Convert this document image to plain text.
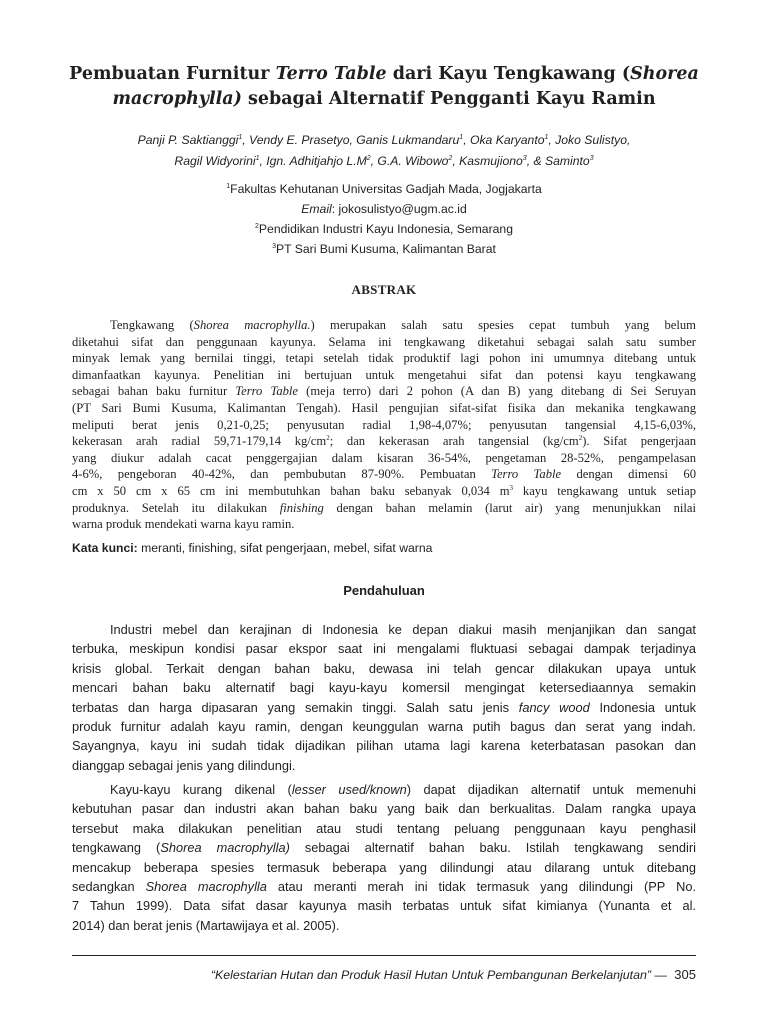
Pembuatan Furnitur Terro Table dari Kayu Tengkawang (Shorea
macrophylla) sebagai Alternatif Pengganti Kayu Ramin
Panji P. Saktianggi$^1$, Vendy E. Prasetyo, Ganis Lukmandaru$^1$, Oka Karyanto$^1$, Joko Sulistyo,
Ragil Widyorini$^1$, Ign. Adhitjahjo $L.M^2$, G.A. Wibowo$^2$, Kasmujiono$^3$, & Saminto$^3$
$^1$Fakultas Kehutanan Universitas Gadjah Mada, Jogjakarta
Email: jokosulistyo@ugm.ac.id
$^2$Pendidikan Industri Kayu Indonesia, Semarang
$^3$PT Sari Bumi Kusuma, Kalimantan Barat
ABSTRAK
Tengkawang (Shorea macrophylla.) merupakan salah satu spesies cepat tumbuh yang belum
diketahui sifat dan penggunaan kayunya. Selama ini tengkawang diketahui sebagai salah satu sumber
minyak lemak yang bernilai tinggi, tetapi setelah tidak produktif lagi pohon ini umumnya ditebang untuk
dimanfaatkan kayunya. Penelitian ini bertujuan untuk mengetahui sifat dan potensi kayu tengkawang
sebagai bahan baku furnitur Terro Table (meja terro) dari 2 pohon (A dan B) yang ditebang di Sei Seruyan
(PT Sari Bumi Kusuma, Kalimantan Tengah). Hasil pengujian sifat-sifat fisika dan mekanika tengkawang
meliputi berat jenis 0,21-0,25; penyusutan radial 1,98-4,07%; penyusutan tangensial 4,15-6,03%,
kekerasan arah radial 59,71-179,14 $kg/cm^2$; dan kekerasan arah tangensial $(kg/cm^2)$. Sifat pengerjaan
yang diukur adalah cacat penggergajian dalam kisaran 36-54%, pengetaman 28-52%, pengampelasan
4-6%, pengeboran 40-42%, dan pembubutan 87-90%. Pembuatan Terro Table dengan dimensi 60
cm x 50 cm x 65 cm ini membutuhkan bahan baku sebanyak 0,034 $m^3$ kayu tengkawang untuk setiap
produknya. Setelah itu dilakukan finishing dengan bahan melamin (larut air) yang menunjukkan nilai
warna produk mendekati warna kayu ramin.
Kata kunci: meranti, finishing, sifat pengerjaan, mebel, sifat warna
Pendahuluan
Industri mebel dan kerajinan di Indonesia ke depan diakui masih menjanjikan dan sangat
terbuka, meskipun kondisi pasar ekspor saat ini mengalami fluktuasi sebagai dampak terjadinya
krisis global. Terkait dengan bahan baku, dewasa ini telah gencar dilakukan upaya untuk
mencari bahan baku alternatif bagi kayu-kayu komersil mengingat ketersediaannya semakin
terbatas dan harga dipasaran yang semakin tinggi. Salah satu jenis fancy wood Indonesia untuk
produk furnitur adalah kayu ramin, dengan keunggulan warna putih bagus dan serat yang indah.
Sayangnya, kayu ini sudah tidak dijadikan pilihan utama lagi karena keterbatasan pasokan dan
dianggap sebagai jenis yang dilindungi.
Kayu-kayu kurang dikenal (lesser used/known) dapat dijadikan alternatif untuk memenuhi
kebutuhan pasar dan industri akan bahan baku yang baik dan berkualitas. Dalam rangka upaya
tersebut maka dilakukan penelitian atau studi tentang peluang penggunaan kayu penghasil
tengkawang (Shorea macrophylla) sebagai alternatif bahan baku. Istilah tengkawang sendiri
mencakup beberapa spesies termasuk beberapa yang dilindungi atau dilarang untuk ditebang
sedangkan Shorea macrophylla atau meranti merah ini tidak termasuk yang dilindungi (PP No.
7 Tahun 1999). Data sifat dasar kayunya masih terbatas untuk sifat kimianya (Yunanta et al.
2014) dan berat jenis (Martawijaya et al. 2005).
“Kelestarian Hutan dan Produk Hasil Hutan Untuk Pembangunan Berkelanjutan” — 305
